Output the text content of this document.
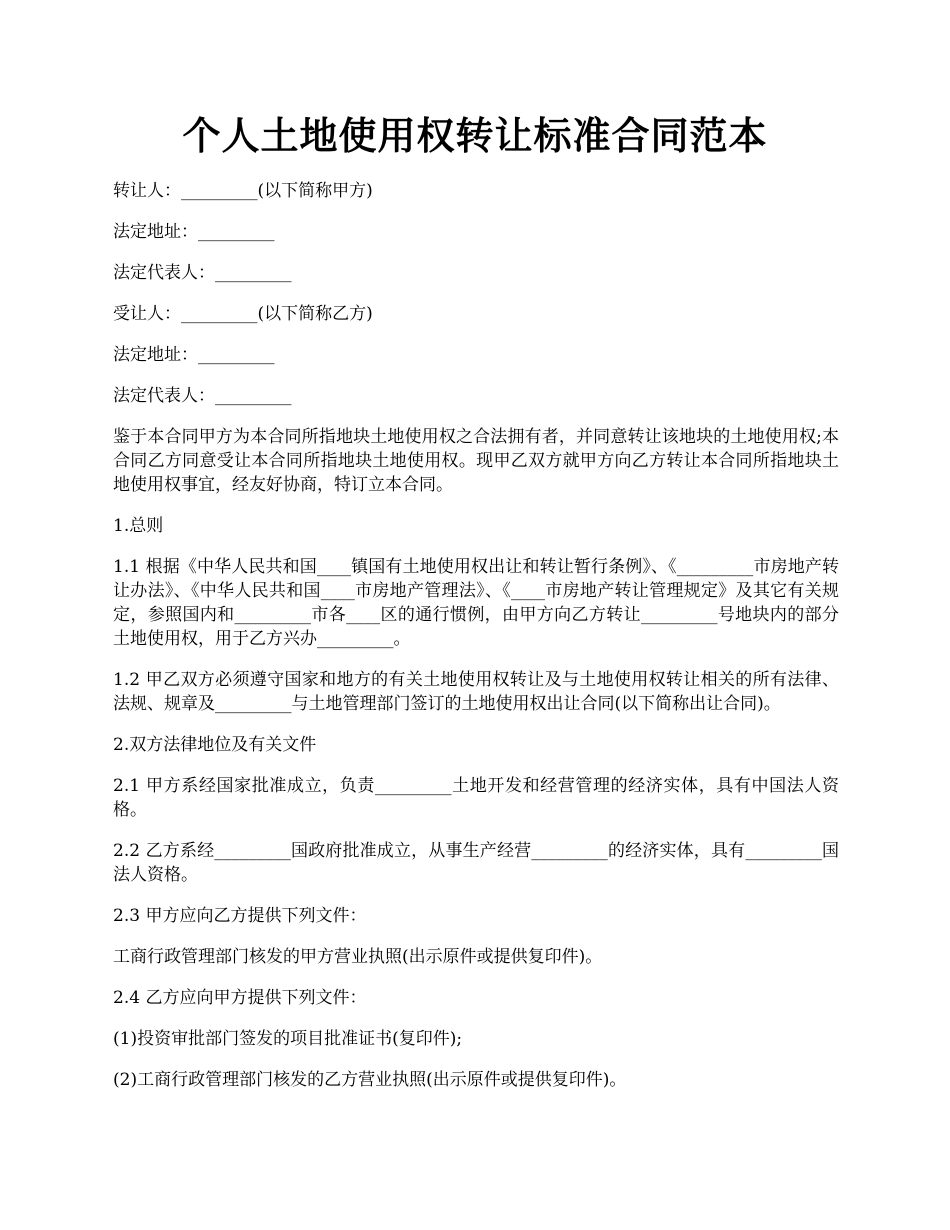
个人土地使用权转让标准合同范本

转让人：_________(以下简称甲方)

法定地址：_________

法定代表人：_________

受让人：_________(以下简称乙方)

法定地址：_________

法定代表人：_________

鉴于本合同甲方为本合同所指地块土地使用权之合法拥有者，并同意转让该地块的土地使用权;本合同乙方同意受让本合同所指地块土地使用权。现甲乙双方就甲方向乙方转让本合同所指地块土地使用权事宜，经友好协商，特订立本合同。

1.总则

1.1 根据《中华人民共和国____镇国有土地使用权出让和转让暂行条例》、《_________市房地产转让办法》、《中华人民共和国____市房地产管理法》、《____市房地产转让管理规定》及其它有关规定，参照国内和_________市各____区的通行惯例，由甲方向乙方转让_________号地块内的部分土地使用权，用于乙方兴办_________。

1.2 甲乙双方必须遵守国家和地方的有关土地使用权转让及与土地使用权转让相关的所有法律、法规、规章及_________与土地管理部门签订的土地使用权出让合同(以下简称出让合同)。

2.双方法律地位及有关文件

2.1 甲方系经国家批准成立，负责_________土地开发和经营管理的经济实体，具有中国法人资格。

2.2 乙方系经_________国政府批准成立，从事生产经营_________的经济实体，具有_________国法人资格。

2.3 甲方应向乙方提供下列文件：

工商行政管理部门核发的甲方营业执照(出示原件或提供复印件)。

2.4 乙方应向甲方提供下列文件：

(1)投资审批部门签发的项目批准证书(复印件);

(2)工商行政管理部门核发的乙方营业执照(出示原件或提供复印件)。
